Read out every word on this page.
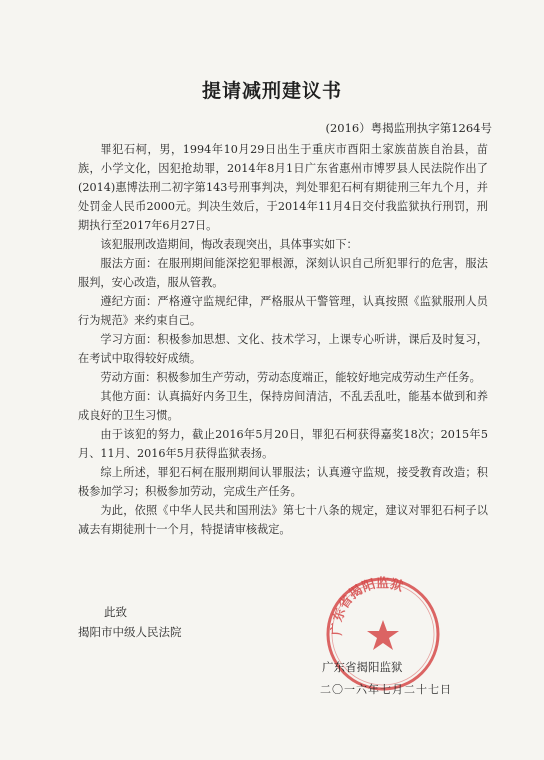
提请减刑建议书
(2016）粤揭监刑执字第1264号

罪犯石柯，男，1994年10月29日出生于重庆市酉阳土家族苗族自治县，苗族，小学文化，因犯抢劫罪，2014年8月1日广东省惠州市博罗县人民法院作出了(2014)惠博法刑二初字第143号刑事判决，判处罪犯石柯有期徒刑三年九个月，并处罚金人民币2000元。判决生效后，于2014年11月4日交付我监狱执行刑罚，刑期执行至2017年6月27日。

该犯服刑改造期间，悔改表现突出，具体事实如下：

服法方面：在服刑期间能深挖犯罪根源，深刻认识自己所犯罪行的危害，服法服判，安心改造，服从管教。

遵纪方面：严格遵守监规纪律，严格服从干警管理，认真按照《监狱服刑人员行为规范》来约束自己。

学习方面：积极参加思想、文化、技术学习，上课专心听讲，课后及时复习，在考试中取得较好成绩。

劳动方面：积极参加生产劳动，劳动态度端正，能较好地完成劳动生产任务。

其他方面：认真搞好内务卫生，保持房间清洁，不乱丢乱吐，能基本做到和养成良好的卫生习惯。

由于该犯的努力，截止2016年5月20日，罪犯石柯获得嘉奖18次；2015年5月、11月、2016年5月获得监狱表扬。

综上所述，罪犯石柯在服刑期间认罪服法；认真遵守监规，接受教育改造；积极参加学习；积极参加劳动，完成生产任务。

为此，依照《中华人民共和国刑法》第七十八条的规定，建议对罪犯石柯子以减去有期徒刑十一个月，特提请审核裁定。

此致
揭阳市中级人民法院	广东省揭阳监狱
广东省揭阳监狱
二〇一六年七月二十七日
